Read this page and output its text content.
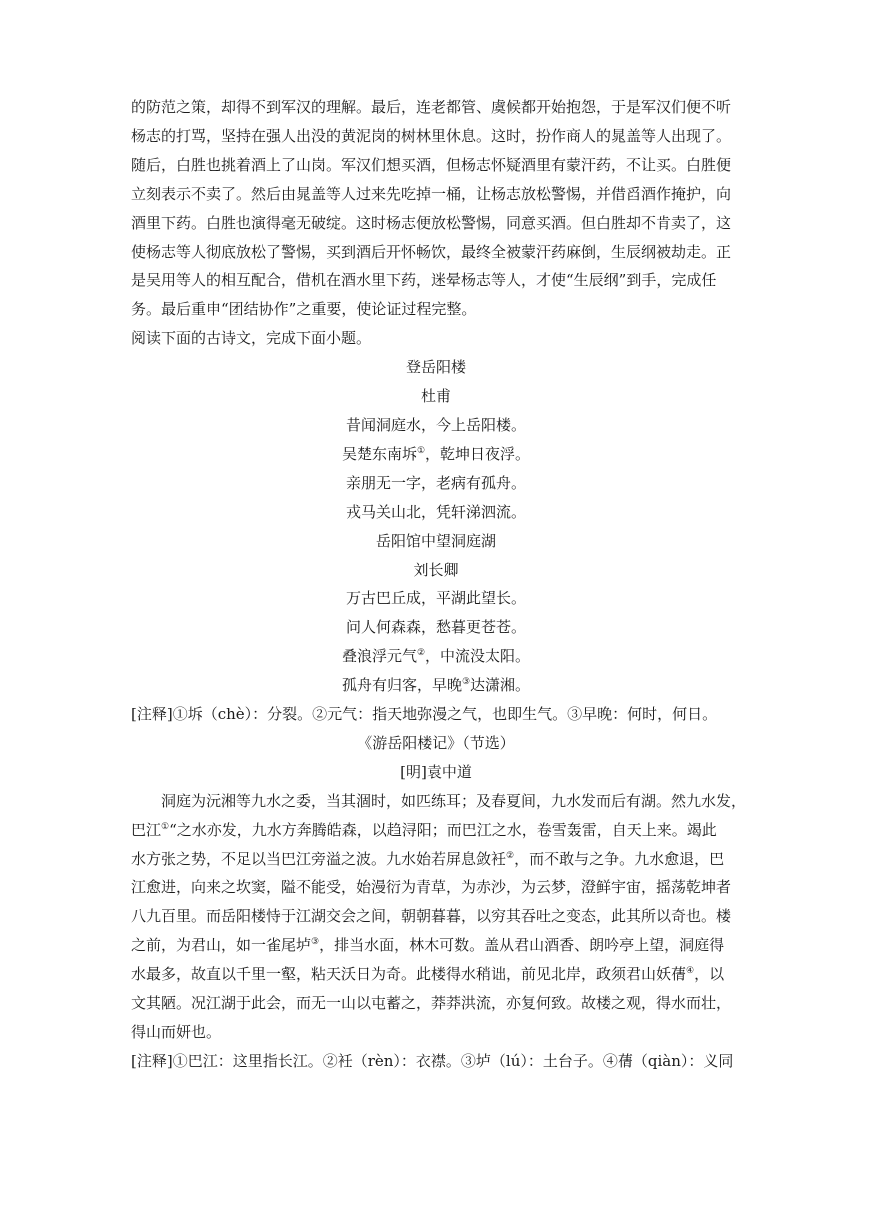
的防范之策，却得不到军汉的理解。最后，连老都管、虞候都开始抱怨，于是军汉们便不听

杨志的打骂，坚持在强人出没的黄泥岗的树林里休息。这时，扮作商人的晁盖等人出现了。

随后，白胜也挑着酒上了山岗。军汉们想买酒，但杨志怀疑酒里有蒙汗药，不让买。白胜便

立刻表示不卖了。然后由晁盖等人过来先吃掉一桶，让杨志放松警惕，并借舀酒作掩护，向

酒里下药。白胜也演得毫无破绽。这时杨志便放松警惕，同意买酒。但白胜却不肯卖了，这

使杨志等人彻底放松了警惕，买到酒后开怀畅饮，最终全被蒙汗药麻倒，生辰纲被劫走。正

是吴用等人的相互配合，借机在酒水里下药，迷晕杨志等人，才使“生辰纲”到手，完成任

务。最后重申“团结协作”之重要，使论证过程完整。

阅读下面的古诗文，完成下面小题。

登岳阳楼

杜甫

昔闻洞庭水，今上岳阳楼。

吴楚东南坼①，乾坤日夜浮。

亲朋无一字，老病有孤舟。

戎马关山北，凭轩涕泗流。

岳阳馆中望洞庭湖

刘长卿

万古巴丘成，平湖此望长。

问人何森森，愁暮更苍苍。

叠浪浮元气②，中流没太阳。

孤舟有归客，早晚③达潇湘。

[注释]①坼（chè）：分裂。②元气：指天地弥漫之气，也即生气。③早晚：何时，何日。

《游岳阳楼记》（节选）

[明]袁中道

洞庭为沅湘等九水之委，当其涸时，如匹练耳；及春夏间，九水发而后有湖。然九水发，

巴江①“之水亦发，九水方奔腾皓森，以趋浔阳；而巴江之水，卷雪轰雷，自天上来。竭此

水方张之势，不足以当巴江旁溢之波。九水始若屏息敛衽②，而不敢与之争。九水愈退，巴

江愈进，向来之坎窦，隘不能受，始漫衍为青草，为赤沙，为云梦，澄鲜宇宙，摇荡乾坤者

八九百里。而岳阳楼恃于江湖交会之间，朝朝暮暮，以穷其吞吐之变态，此其所以奇也。楼

之前，为君山，如一雀尾垆③，排当水面，林木可数。盖从君山酒香、朗吟亭上望，洞庭得

水最多，故直以千里一壑，粘天沃日为奇。此楼得水稍诎，前见北岸，政须君山妖蒨④，以

文其陋。况江湖于此会，而无一山以屯蓄之，莽莽洪流，亦复何致。故楼之观，得水而壮，

得山而妍也。

[注释]①巴江：这里指长江。②衽（rèn）：衣襟。③垆（lú）：土台子。④蒨（qiàn）：义同
